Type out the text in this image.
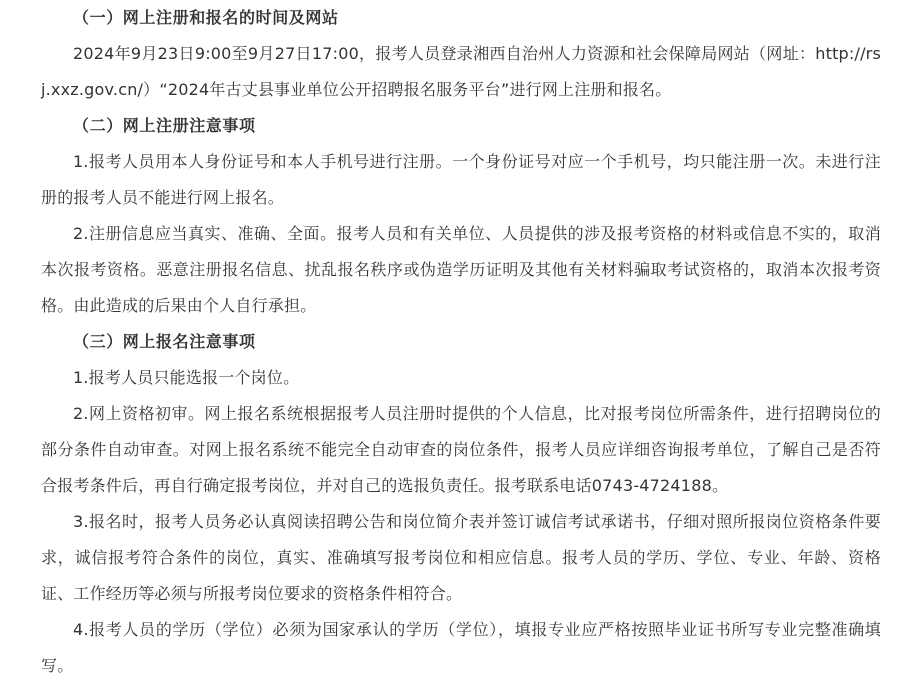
（一）网上注册和报名的时间及网站

2024年9月23日9:00至9月27日17:00，报考人员登录湘西自治州人力资源和社会保障局网站（网址：http://rsj.xxz.gov.cn/）“2024年古丈县事业单位公开招聘报名服务平台”进行网上注册和报名。

（二）网上注册注意事项

1.报考人员用本人身份证号和本人手机号进行注册。一个身份证号对应一个手机号，均只能注册一次。未进行注册的报考人员不能进行网上报名。

2.注册信息应当真实、准确、全面。报考人员和有关单位、人员提供的涉及报考资格的材料或信息不实的，取消本次报考资格。恶意注册报名信息、扰乱报名秩序或伪造学历证明及其他有关材料骗取考试资格的，取消本次报考资格。由此造成的后果由个人自行承担。

（三）网上报名注意事项

1.报考人员只能选报一个岗位。

2.网上资格初审。网上报名系统根据报考人员注册时提供的个人信息，比对报考岗位所需条件，进行招聘岗位的部分条件自动审查。对网上报名系统不能完全自动审查的岗位条件，报考人员应详细咨询报考单位，了解自己是否符合报考条件后，再自行确定报考岗位，并对自己的选报负责任。报考联系电话0743-4724188。

3.报名时，报考人员务必认真阅读招聘公告和岗位简介表并签订诚信考试承诺书，仔细对照所报岗位资格条件要求，诚信报考符合条件的岗位，真实、准确填写报考岗位和相应信息。报考人员的学历、学位、专业、年龄、资格证、工作经历等必须与所报考岗位要求的资格条件相符合。

4.报考人员的学历（学位）必须为国家承认的学历（学位），填报专业应严格按照毕业证书所写专业完整准确填写。
